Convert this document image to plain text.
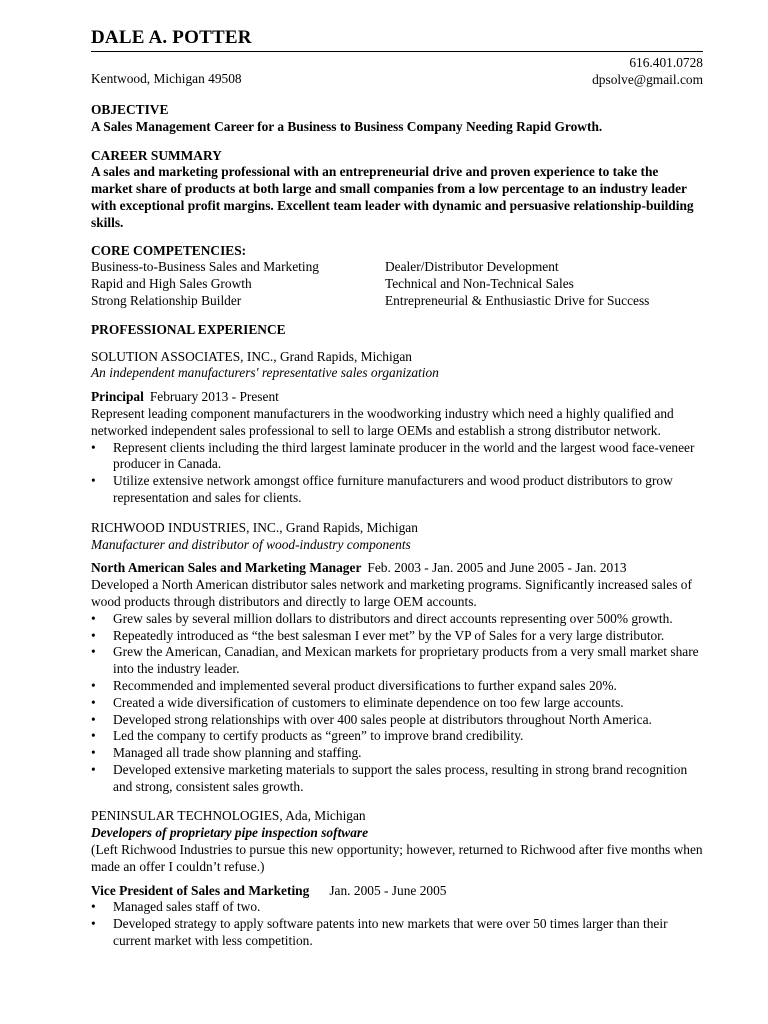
DALE A. POTTER
Kentwood, Michigan 49508
616.401.0728
dpsolve@gmail.com
OBJECTIVE
A Sales Management Career for a Business to Business Company Needing Rapid Growth.
CAREER SUMMARY
A sales and marketing professional with an entrepreneurial drive and proven experience to take the market share of products at both large and small companies from a low percentage to an industry leader with exceptional profit margins. Excellent team leader with dynamic and persuasive relationship-building skills.
CORE COMPETENCIES:
Business-to-Business Sales and Marketing
Rapid and High Sales Growth
Strong Relationship Builder
Dealer/Distributor Development
Technical and Non-Technical Sales
Entrepreneurial & Enthusiastic Drive for Success
PROFESSIONAL EXPERIENCE
SOLUTION ASSOCIATES, INC., Grand Rapids, Michigan
An independent manufacturers' representative sales organization
Principal February 2013 - Present
Represent leading component manufacturers in the woodworking industry which need a highly qualified and networked independent sales professional to sell to large OEMs and establish a strong distributor network.
• Represent clients including the third largest laminate producer in the world and the largest wood face-veneer producer in Canada.
• Utilize extensive network amongst office furniture manufacturers and wood product distributors to grow representation and sales for clients.
RICHWOOD INDUSTRIES, INC., Grand Rapids, Michigan
Manufacturer and distributor of wood-industry components
North American Sales and Marketing Manager Feb. 2003 - Jan. 2005 and June 2005 - Jan. 2013
Developed a North American distributor sales network and marketing programs. Significantly increased sales of wood products through distributors and directly to large OEM accounts.
• Grew sales by several million dollars to distributors and direct accounts representing over 500% growth.
• Repeatedly introduced as “the best salesman I ever met” by the VP of Sales for a very large distributor.
• Grew the American, Canadian, and Mexican markets for proprietary products from a very small market share into the industry leader.
• Recommended and implemented several product diversifications to further expand sales 20%.
• Created a wide diversification of customers to eliminate dependence on too few large accounts.
• Developed strong relationships with over 400 sales people at distributors throughout North America.
• Led the company to certify products as “green” to improve brand credibility.
• Managed all trade show planning and staffing.
• Developed extensive marketing materials to support the sales process, resulting in strong brand recognition and strong, consistent sales growth.
PENINSULAR TECHNOLOGIES, Ada, Michigan
Developers of proprietary pipe inspection software
(Left Richwood Industries to pursue this new opportunity; however, returned to Richwood after five months when made an offer I couldn’t refuse.)
Vice President of Sales and Marketing Jan. 2005 - June 2005
• Managed sales staff of two.
• Developed strategy to apply software patents into new markets that were over 50 times larger than their current market with less competition.
